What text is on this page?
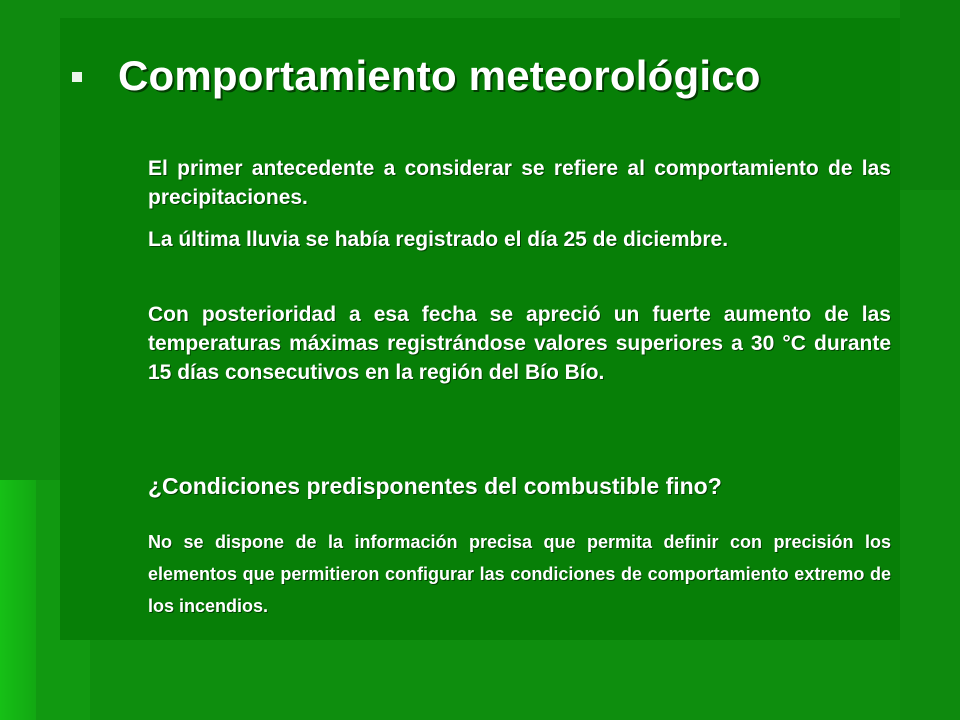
Comportamiento meteorológico

El primer antecedente a considerar se refiere al comportamiento de las precipitaciones.

La última lluvia se había registrado el día 25 de diciembre.

Con posterioridad a esa fecha se apreció un fuerte aumento de las temperaturas máximas registrándose valores superiores a 30 °C durante 15 días consecutivos en la región del Bío Bío.

¿Condiciones predisponentes del combustible fino?

No se dispone de la información precisa que permita definir con precisión los elementos que permitieron configurar las condiciones de comportamiento extremo de los incendios.
